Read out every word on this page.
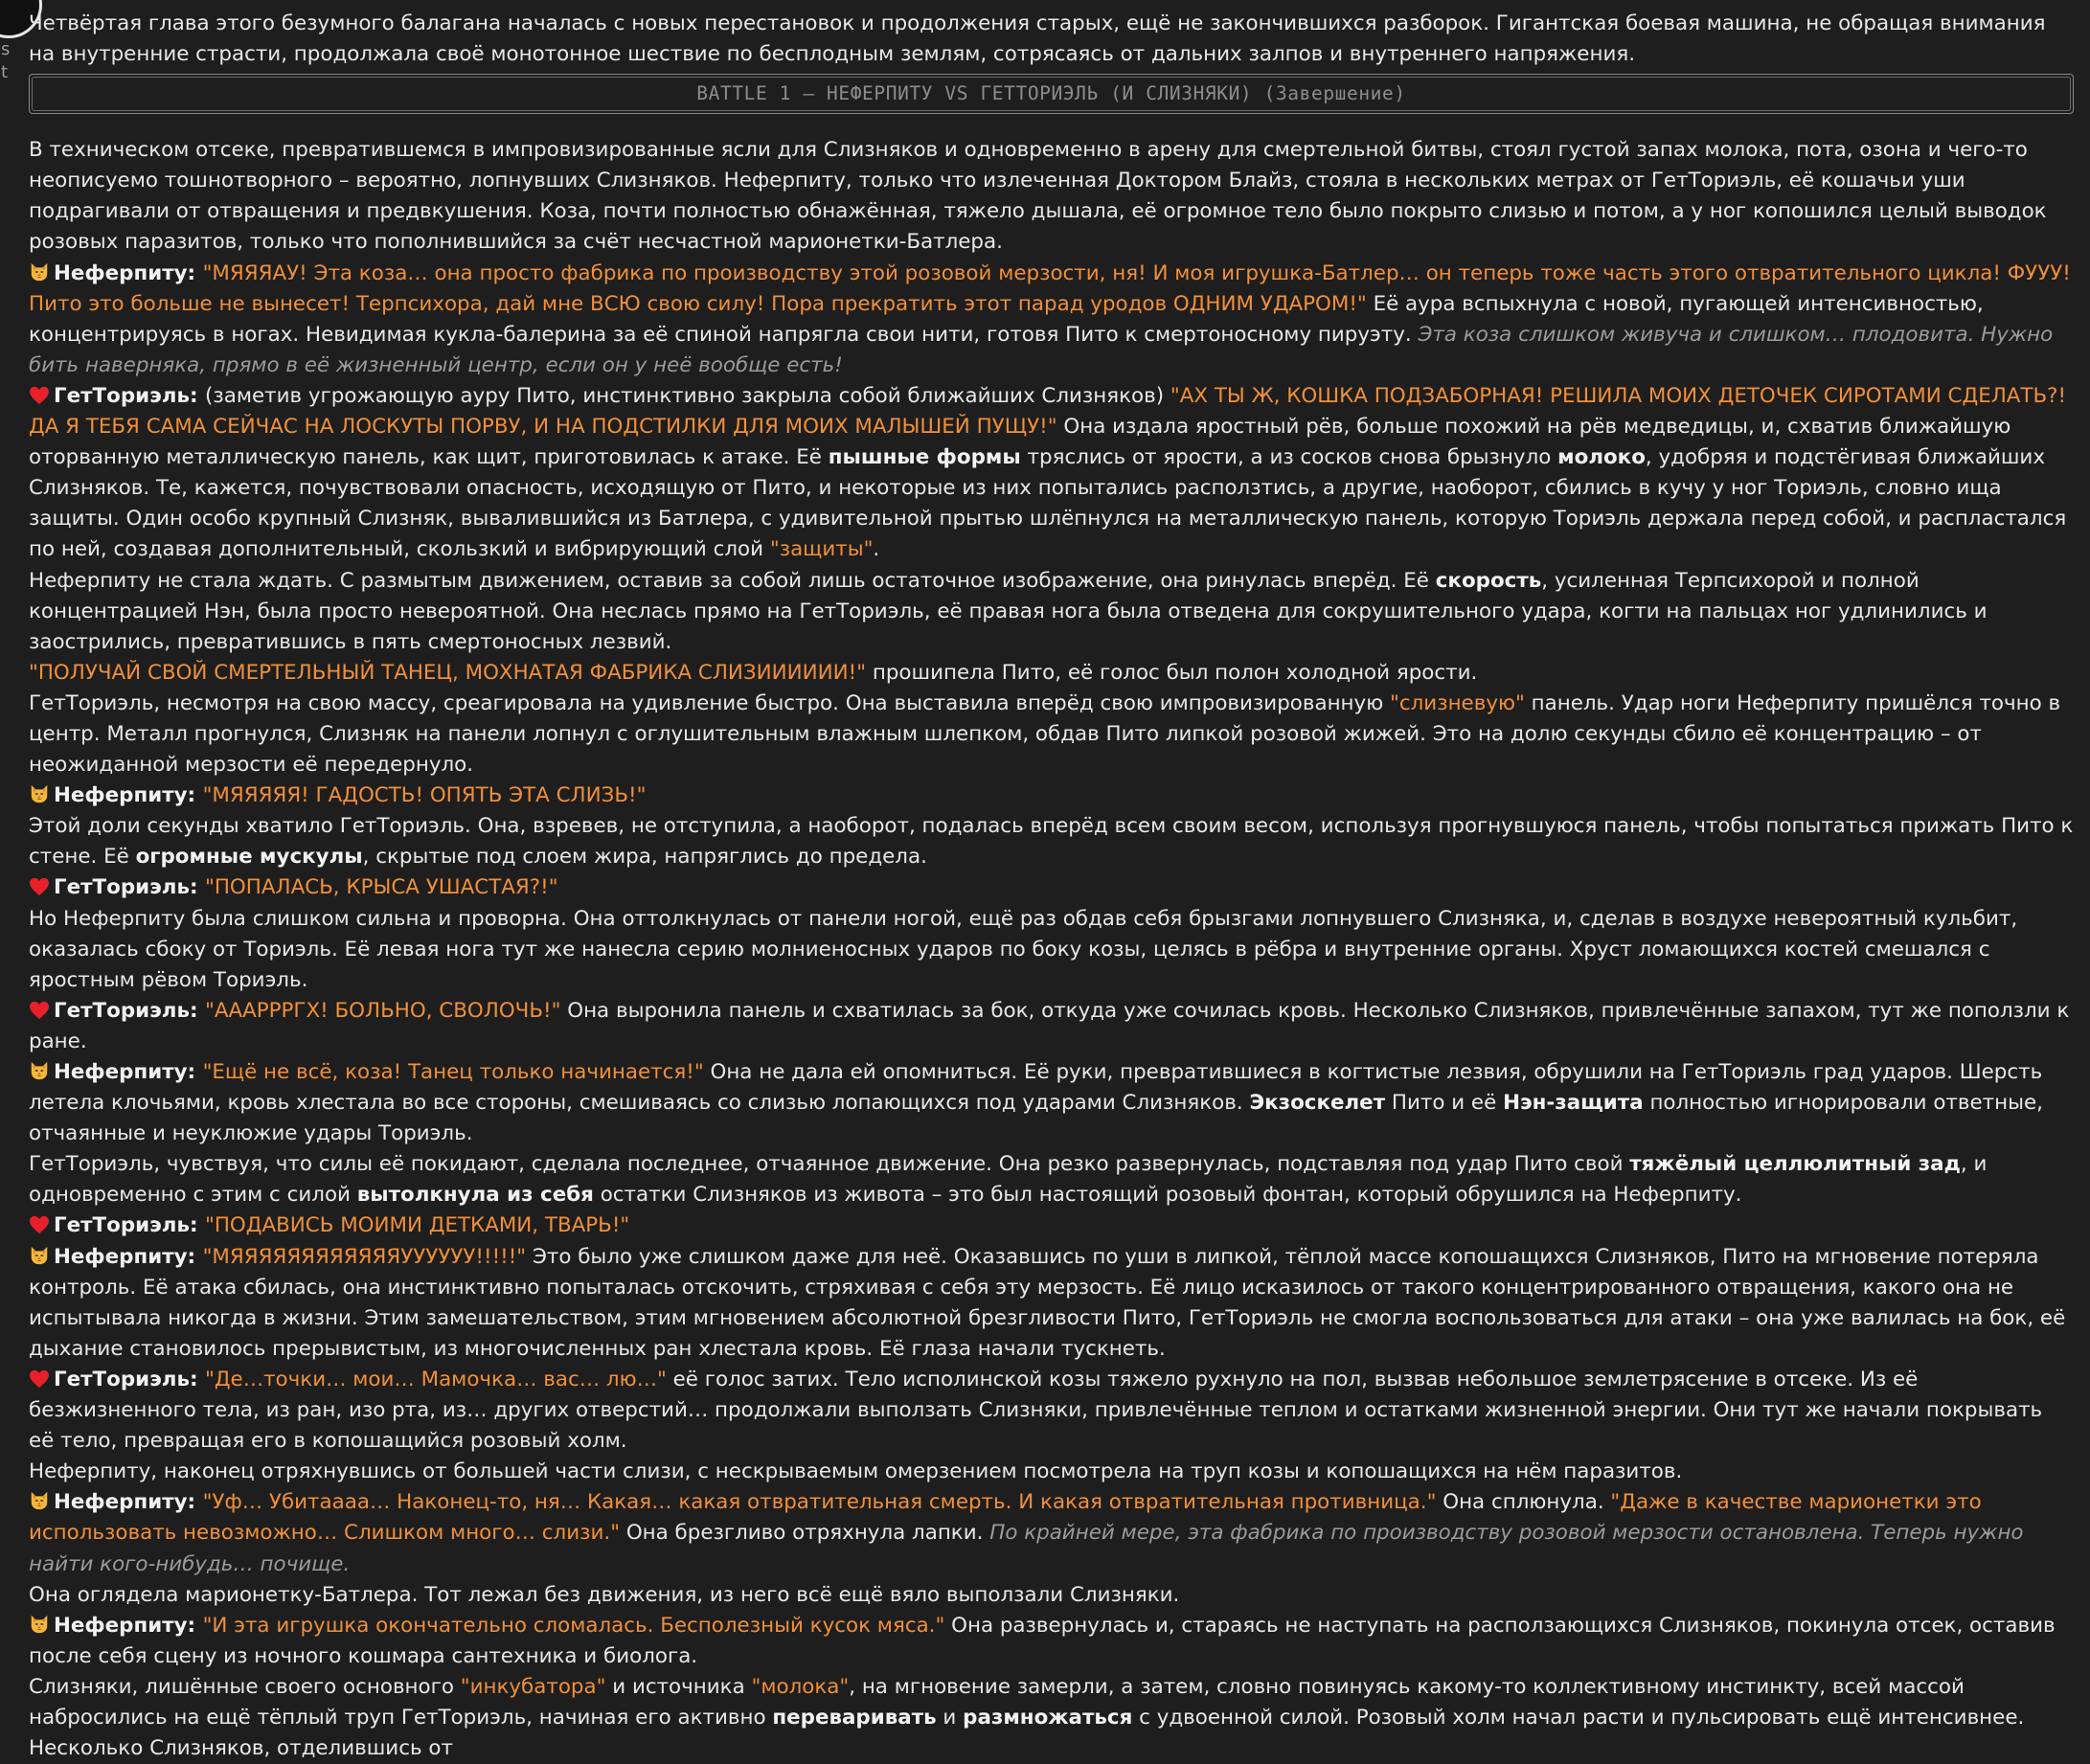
s
t

Четвёртая глава этого безумного балагана началась с новых перестановок и продолжения старых, ещё не закончившихся разборок. Гигантская боевая машина, не обращая внимания на внутренние страсти, продолжала своё монотонное шествие по бесплодным землям, сотрясаясь от дальних залпов и внутреннего напряжения.

BATTLE 1 – НЕФЕРПИТУ VS ГЕТТОРИЭЛЬ (И СЛИЗНЯКИ) (Завершение)

В техническом отсеке, превратившемся в импровизированные ясли для Слизняков и одновременно в арену для смертельной битвы, стоял густой запах молока, пота, озона и чего-то неописуемо тошнотворного – вероятно, лопнувших Слизняков. Неферпиту, только что излеченная Доктором Блайз, стояла в нескольких метрах от ГетТориэль, её кошачьи уши подрагивали от отвращения и предвкушения. Коза, почти полностью обнажённая, тяжело дышала, её огромное тело было покрыто слизью и потом, а у ног копошился целый выводок розовых паразитов, только что пополнившийся за счёт несчастной марионетки-Батлера.

Неферпиту: "МЯЯЯАУ! Эта коза… она просто фабрика по производству этой розовой мерзости, ня! И моя игрушка-Батлер… он теперь тоже часть этого отвратительного цикла! ФУУУ! Пито это больше не вынесет! Терпсихора, дай мне ВСЮ свою силу! Пора прекратить этот парад уродов ОДНИМ УДАРОМ!" Её аура вспыхнула с новой, пугающей интенсивностью, концентрируясь в ногах. Невидимая кукла-балерина за её спиной напрягла свои нити, готовя Пито к смертоносному пируэту. Эта коза слишком живуча и слишком… плодовита. Нужно бить наверняка, прямо в её жизненный центр, если он у неё вообще есть!

ГетТориэль: (заметив угрожающую ауру Пито, инстинктивно закрыла собой ближайших Слизняков) "АХ ТЫ Ж, КОШКА ПОДЗАБОРНАЯ! РЕШИЛА МОИХ ДЕТОЧЕК СИРОТАМИ СДЕЛАТЬ?! ДА Я ТЕБЯ САМА СЕЙЧАС НА ЛОСКУТЫ ПОРВУ, И НА ПОДСТИЛКИ ДЛЯ МОИХ МАЛЫШЕЙ ПУЩУ!" Она издала яростный рёв, больше похожий на рёв медведицы, и, схватив ближайшую оторванную металлическую панель, как щит, приготовилась к атаке. Её пышные формы тряслись от ярости, а из сосков снова брызнуло молоко, удобряя и подстёгивая ближайших Слизняков. Те, кажется, почувствовали опасность, исходящую от Пито, и некоторые из них попытались расползтись, а другие, наоборот, сбились в кучу у ног Ториэль, словно ища защиты. Один особо крупный Слизняк, вывалившийся из Батлера, с удивительной прытью шлёпнулся на металлическую панель, которую Ториэль держала перед собой, и распластался по ней, создавая дополнительный, скользкий и вибрирующий слой "защиты".

Неферпиту не стала ждать. С размытым движением, оставив за собой лишь остаточное изображение, она ринулась вперёд. Её скорость, усиленная Терпсихорой и полной концентрацией Нэн, была просто невероятной. Она неслась прямо на ГетТориэль, её правая нога была отведена для сокрушительного удара, когти на пальцах ног удлинились и заострились, превратившись в пять смертоносных лезвий.

"ПОЛУЧАЙ СВОЙ СМЕРТЕЛЬНЫЙ ТАНЕЦ, МОХНАТАЯ ФАБРИКА СЛИЗИИИИИИ!" прошипела Пито, её голос был полон холодной ярости.

ГетТориэль, несмотря на свою массу, среагировала на удивление быстро. Она выставила вперёд свою импровизированную "слизневую" панель. Удар ноги Неферпиту пришёлся точно в центр. Металл прогнулся, Слизняк на панели лопнул с оглушительным влажным шлепком, обдав Пито липкой розовой жижей. Это на долю секунды сбило её концентрацию – от неожиданной мерзости её передернуло.

Неферпиту: "МЯЯЯЯЯ! ГАДОСТЬ! ОПЯТЬ ЭТА СЛИЗЬ!"

Этой доли секунды хватило ГетТориэль. Она, взревев, не отступила, а наоборот, подалась вперёд всем своим весом, используя прогнувшуюся панель, чтобы попытаться прижать Пито к стене. Её огромные мускулы, скрытые под слоем жира, напряглись до предела.

ГетТориэль: "ПОПАЛАСЬ, КРЫСА УШАСТАЯ?!"

Но Неферпиту была слишком сильна и проворна. Она оттолкнулась от панели ногой, ещё раз обдав себя брызгами лопнувшего Слизняка, и, сделав в воздухе невероятный кульбит, оказалась сбоку от Ториэль. Её левая нога тут же нанесла серию молниеносных ударов по боку козы, целясь в рёбра и внутренние органы. Хруст ломающихся костей смешался с яростным рёвом Ториэль.

ГетТориэль: "АААРРРГХ! БОЛЬНО, СВОЛОЧЬ!" Она выронила панель и схватилась за бок, откуда уже сочилась кровь. Несколько Слизняков, привлечённые запахом, тут же поползли к ране.

Неферпиту: "Ещё не всё, коза! Танец только начинается!" Она не дала ей опомниться. Её руки, превратившиеся в когтистые лезвия, обрушили на ГетТориэль град ударов. Шерсть летела клочьями, кровь хлестала во все стороны, смешиваясь со слизью лопающихся под ударами Слизняков. Экзоскелет Пито и её Нэн-защита полностью игнорировали ответные, отчаянные и неуклюжие удары Ториэль.

ГетТориэль, чувствуя, что силы её покидают, сделала последнее, отчаянное движение. Она резко развернулась, подставляя под удар Пито свой тяжёлый целлюлитный зад, и одновременно с этим с силой вытолкнула из себя остатки Слизняков из живота – это был настоящий розовый фонтан, который обрушился на Неферпиту.

ГетТориэль: "ПОДАВИСЬ МОИМИ ДЕТКАМИ, ТВАРЬ!"

Неферпиту: "МЯЯЯЯЯЯЯЯЯЯЯЯУУУУУУ!!!!!" Это было уже слишком даже для неё. Оказавшись по уши в липкой, тёплой массе копошащихся Слизняков, Пито на мгновение потеряла контроль. Её атака сбилась, она инстинктивно попыталась отскочить, стряхивая с себя эту мерзость. Её лицо исказилось от такого концентрированного отвращения, какого она не испытывала никогда в жизни. Этим замешательством, этим мгновением абсолютной брезгливости Пито, ГетТориэль не смогла воспользоваться для атаки – она уже валилась на бок, её дыхание становилось прерывистым, из многочисленных ран хлестала кровь. Её глаза начали тускнеть.

ГетТориэль: "Де…точки… мои… Мамочка… вас… лю…" её голос затих. Тело исполинской козы тяжело рухнуло на пол, вызвав небольшое землетрясение в отсеке. Из её безжизненного тела, из ран, изо рта, из… других отверстий… продолжали выползать Слизняки, привлечённые теплом и остатками жизненной энергии. Они тут же начали покрывать её тело, превращая его в копошащийся розовый холм.

Неферпиту, наконец отряхнувшись от большей части слизи, с нескрываемым омерзением посмотрела на труп козы и копошащихся на нём паразитов.

Неферпиту: "Уф… Убитаааа… Наконец-то, ня… Какая… какая отвратительная смерть. И какая отвратительная противница." Она сплюнула. "Даже в качестве марионетки это использовать невозможно… Слишком много… слизи." Она брезгливо отряхнула лапки. По крайней мере, эта фабрика по производству розовой мерзости остановлена. Теперь нужно найти кого-нибудь… почище.

Она оглядела марионетку-Батлера. Тот лежал без движения, из него всё ещё вяло выползали Слизняки.

Неферпиту: "И эта игрушка окончательно сломалась. Бесполезный кусок мяса." Она развернулась и, стараясь не наступать на расползающихся Слизняков, покинула отсек, оставив после себя сцену из ночного кошмара сантехника и биолога.

Слизняки, лишённые своего основного "инкубатора" и источника "молока", на мгновение замерли, а затем, словно повинуясь какому-то коллективному инстинкту, всей массой набросились на ещё тёплый труп ГетТориэль, начиная его активно переваривать и размножаться с удвоенной силой. Розовый холм начал расти и пульсировать ещё интенсивнее. Несколько Слизняков, отделившись от
